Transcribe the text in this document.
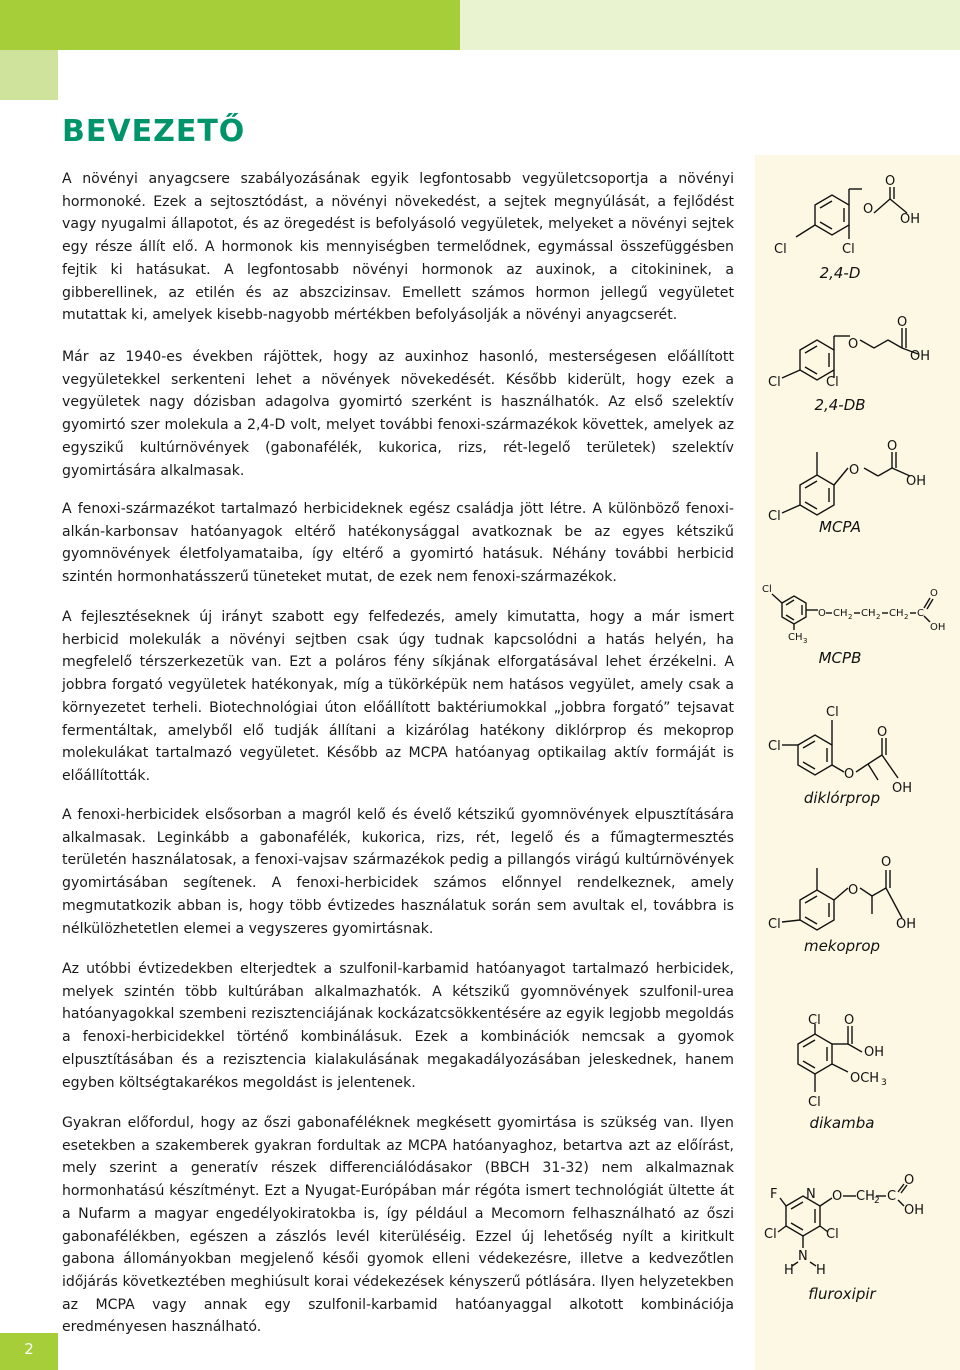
BEVEZETŐ

A növényi anyagcsere szabályozásának egyik legfontosabb vegyületcsoportja a növényi hormonoké. Ezek a sejtosztódást, a növényi növekedést, a sejtek megnyúlását, a fejlődést vagy nyugalmi állapotot, és az öregedést is befolyásoló vegyületek, melyeket a növényi sejtek egy része állít elő. A hormonok kis mennyiségben termelődnek, egymással összefüggésben fejtik ki hatásukat. A legfontosabb növényi hormonok az auxinok, a citokininek, a gibberellinek, az etilén és az abszcizinsav. Emellett számos hormon jellegű vegyületet mutattak ki, amelyek kisebb-nagyobb mértékben befolyásolják a növényi anyagcserét.

Már az 1940-es években rájöttek, hogy az auxinhoz hasonló, mesterségesen előállított vegyületekkel serkenteni lehet a növények növekedését. Később kiderült, hogy ezek a vegyületek nagy dózisban adagolva gyomirtó szerként is használhatók. Az első szelektív gyomirtó szer molekula a 2,4-D volt, melyet további fenoxi-származékok követtek, amelyek az egyszikű kultúrnövények (gabonafélék, kukorica, rizs, rét-legelő területek) szelektív gyomirtására alkalmasak.

A fenoxi-származékot tartalmazó herbicideknek egész családja jött létre. A különböző fenoxi-alkán-karbonsav hatóanyagok eltérő hatékonysággal avatkoznak be az egyes kétszikű gyomnövények életfolyamataiba, így eltérő a gyomirtó hatásuk. Néhány további herbicid szintén hormonhatásszerű tüneteket mutat, de ezek nem fenoxi-származékok.

A fejlesztéseknek új irányt szabott egy felfedezés, amely kimutatta, hogy a már ismert herbicid molekulák a növényi sejtben csak úgy tudnak kapcsolódni a hatás helyén, ha megfelelő térszerkezetük van. Ezt a poláros fény síkjának elforgatásával lehet érzékelni. A jobbra forgató vegyületek hatékonyak, míg a tükörképük nem hatásos vegyület, amely csak a környezetet terheli. Biotechnológiai úton előállított baktériumokkal „jobbra forgató” tejsavat fermentáltak, amelyből elő tudják állítani a kizárólag hatékony diklórprop és mekoprop molekulákat tartalmazó vegyületet. Később az MCPA hatóanyag optikailag aktív formáját is előállították.

A fenoxi-herbicidek elsősorban a magról kelő és évelő kétszikű gyomnövények elpusztítására alkalmasak. Leginkább a gabonafélék, kukorica, rizs, rét, legelő és a fűmagtermesztés területén használatosak, a fenoxi-vajsav származékok pedig a pillangós virágú kultúrnövények gyomirtásában segítenek. A fenoxi-herbicidek számos előnnyel rendelkeznek, amely megmutatkozik abban is, hogy több évtizedes használatuk során sem avultak el, továbbra is nélkülözhetetlen elemei a vegyszeres gyomirtásnak.

Az utóbbi évtizedekben elterjedtek a szulfonil-karbamid hatóanyagot tartalmazó herbicidek, melyek szintén több kultúrában alkalmazhatók. A kétszikű gyomnövények szulfonil-urea hatóanyagokkal szembeni rezisztenciájának kockázatcsökkentésére az egyik legjobb megoldás a fenoxi-herbicidekkel történő kombinálásuk. Ezek a kombinációk nemcsak a gyomok elpusztításában és a rezisztencia kialakulásának megakadályozásában jeleskednek, hanem egyben költségtakarékos megoldást is jelentenek.

Gyakran előfordul, hogy az őszi gabonaféléknek megkésett gyomirtása is szükség van. Ilyen esetekben a szakemberek gyakran fordultak az MCPA hatóanyaghoz, betartva azt az előírást, mely szerint a generatív részek differenciálódásakor (BBCH 31-32) nem alkalmaznak hormonhatású készítményt. Ezt a Nyugat-Európában már régóta ismert technológiát ültette át a Nufarm a magyar engedélyokiratokba is, így például a Mecomorn felhasználható az őszi gabonafélékben, egészen a zászlós levél kiterüléséig. Ezzel új lehetőség nyílt a kiritkult gabona állományokban megjelenő késői gyomok elleni védekezésre, illetve a kedvezőtlen időjárás következtében meghiúsult korai védekezések kényszerű pótlására. Ilyen helyzetekben az MCPA vagy annak egy szulfonil-karbamid hatóanyaggal alkotott kombinációja eredményesen használható.

Cl	Cl
O
O
OH
2,4-D
Cl	Cl
O
O
OH
2,4-DB
Cl
O
O
OH
MCPA
Cl
CH 3
O CH 2 CH 2 CH 2 C
O
OH
MCPB
Cl
Cl
O
O
OH
diklórprop
Cl
O
O
OH
mekoprop
Cl
Cl
O
OH
OCH 3
dikamba
F N O CH 2 C
O
OH
Cl	Cl
H
N
H
fluroxipir
2
